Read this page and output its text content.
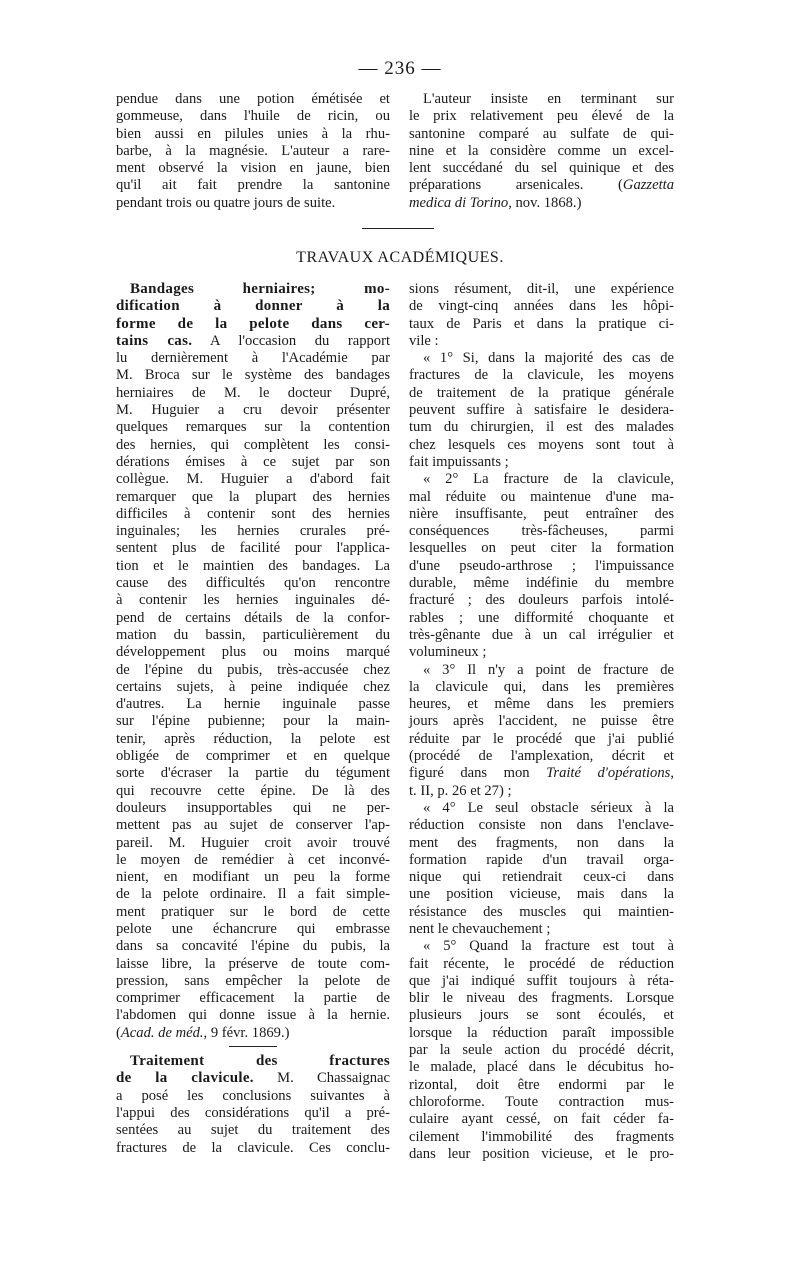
— 236 —

pendue dans une potion émétisée et

gommeuse, dans l'huile de ricin, ou

bien aussi en pilules unies à la rhu-

barbe, à la magnésie. L'auteur a rare-

ment observé la vision en jaune, bien

qu'il ait fait prendre la santonine

pendant trois ou quatre jours de suite.

L'auteur insiste en terminant sur

le prix relativement peu élevé de la

santonine comparé au sulfate de qui-

nine et la considère comme un excel-

lent succédané du sel quinique et des

préparations arsenicales. (Gazzetta

medica di Torino, nov. 1868.)

TRAVAUX ACADÉMIQUES.

Bandages herniaires; mo-

dification à donner à la

forme de la pelote dans cer-

tains cas. A l'occasion du rapport

lu dernièrement à l'Académie par

M. Broca sur le système des bandages

herniaires de M. le docteur Dupré,

M. Huguier a cru devoir présenter

quelques remarques sur la contention

des hernies, qui complètent les consi-

dérations émises à ce sujet par son

collègue. M. Huguier a d'abord fait

remarquer que la plupart des hernies

difficiles à contenir sont des hernies

inguinales; les hernies crurales pré-

sentent plus de facilité pour l'applica-

tion et le maintien des bandages. La

cause des difficultés qu'on rencontre

à contenir les hernies inguinales dé-

pend de certains détails de la confor-

mation du bassin, particulièrement du

développement plus ou moins marqué

de l'épine du pubis, très-accusée chez

certains sujets, à peine indiquée chez

d'autres. La hernie inguinale passe

sur l'épine pubienne; pour la main-

tenir, après réduction, la pelote est

obligée de comprimer et en quelque

sorte d'écraser la partie du tégument

qui recouvre cette épine. De là des

douleurs insupportables qui ne per-

mettent pas au sujet de conserver l'ap-

pareil. M. Huguier croit avoir trouvé

le moyen de remédier à cet inconvé-

nient, en modifiant un peu la forme

de la pelote ordinaire. Il a fait simple-

ment pratiquer sur le bord de cette

pelote une échancrure qui embrasse

dans sa concavité l'épine du pubis, la

laisse libre, la préserve de toute com-

pression, sans empêcher la pelote de

comprimer efficacement la partie de

l'abdomen qui donne issue à la hernie.

(Acad. de méd., 9 févr. 1869.)

Traitement des fractures

de la clavicule. M. Chassaignac

a posé les conclusions suivantes à

l'appui des considérations qu'il a pré-

sentées au sujet du traitement des

fractures de la clavicule. Ces conclu-

sions résument, dit-il, une expérience

de vingt-cinq années dans les hôpi-

taux de Paris et dans la pratique ci-

vile :

« 1° Si, dans la majorité des cas de

fractures de la clavicule, les moyens

de traitement de la pratique générale

peuvent suffire à satisfaire le desidera-

tum du chirurgien, il est des malades

chez lesquels ces moyens sont tout à

fait impuissants ;

« 2° La fracture de la clavicule,

mal réduite ou maintenue d'une ma-

nière insuffisante, peut entraîner des

conséquences très-fâcheuses, parmi

lesquelles on peut citer la formation

d'une pseudo-arthrose ; l'impuissance

durable, même indéfinie du membre

fracturé ; des douleurs parfois intolé-

rables ; une difformité choquante et

très-gênante due à un cal irrégulier et

volumineux ;

« 3° Il n'y a point de fracture de

la clavicule qui, dans les premières

heures, et même dans les premiers

jours après l'accident, ne puisse être

réduite par le procédé que j'ai publié

(procédé de l'amplexation, décrit et

figuré dans mon Traité d'opérations,

t. II, p. 26 et 27) ;

« 4° Le seul obstacle sérieux à la

réduction consiste non dans l'enclave-

ment des fragments, non dans la

formation rapide d'un travail orga-

nique qui retiendrait ceux-ci dans

une position vicieuse, mais dans la

résistance des muscles qui maintien-

nent le chevauchement ;

« 5° Quand la fracture est tout à

fait récente, le procédé de réduction

que j'ai indiqué suffit toujours à réta-

blir le niveau des fragments. Lorsque

plusieurs jours se sont écoulés, et

lorsque la réduction paraît impossible

par la seule action du procédé décrit,

le malade, placé dans le décubitus ho-

rizontal, doit être endormi par le

chloroforme. Toute contraction mus-

culaire ayant cessé, on fait céder fa-

cilement l'immobilité des fragments

dans leur position vicieuse, et le pro-
